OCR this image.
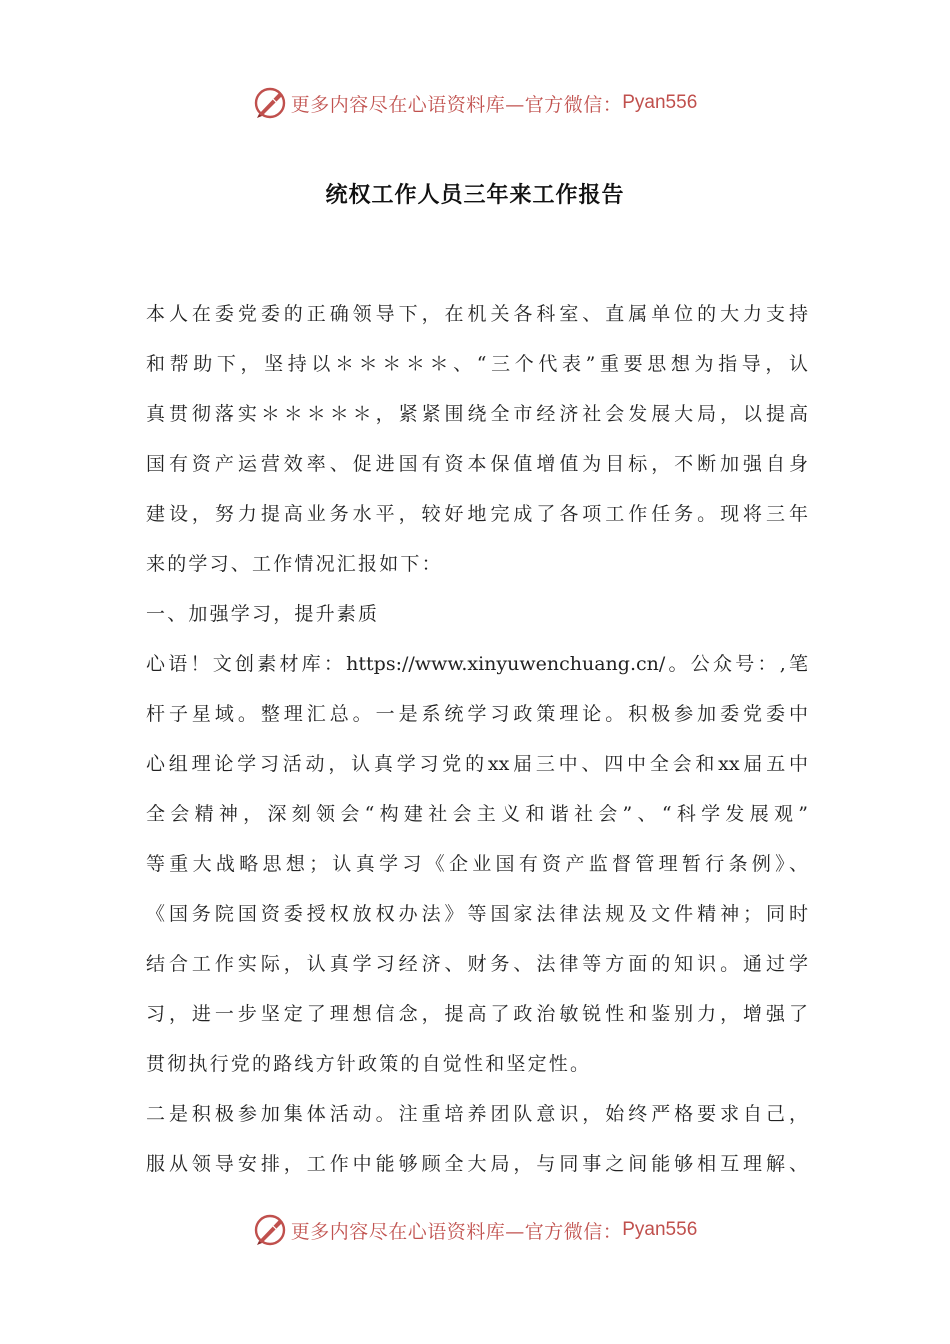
更多内容尽在心语资料库—官方微信： Pyan556
统权工作人员三年来工作报告
本人在委党委的正确领导下，在机关各科室、直属单位的大力支持
和帮助下，坚持以＊＊＊＊＊、“三个代表”重要思想为指导，认
真贯彻落实＊＊＊＊＊，紧紧围绕全市经济社会发展大局，以提高
国有资产运营效率、促进国有资本保值增值为目标，不断加强自身
建设，努力提高业务水平，较好地完成了各项工作任务。现将三年
来的学习、工作情况汇报如下：
一、加强学习，提升素质
心语！文创素材库：https://www.xinyuwenchuang.cn/。公众号：,笔
杆子星域。整理汇总。一是系统学习政策理论。积极参加委党委中
心组理论学习活动，认真学习党的xx届三中、四中全会和xx届五中
全会精神，深刻领会“构建社会主义和谐社会”、“科学发展观”
等重大战略思想；认真学习《企业国有资产监督管理暂行条例》、
《国务院国资委授权放权办法》等国家法律法规及文件精神；同时
结合工作实际，认真学习经济、财务、法律等方面的知识。通过学
习，进一步坚定了理想信念，提高了政治敏锐性和鉴别力，增强了
贯彻执行党的路线方针政策的自觉性和坚定性。
二是积极参加集体活动。注重培养团队意识，始终严格要求自己，
服从领导安排，工作中能够顾全大局，与同事之间能够相互理解、
更多内容尽在心语资料库—官方微信： Pyan556
